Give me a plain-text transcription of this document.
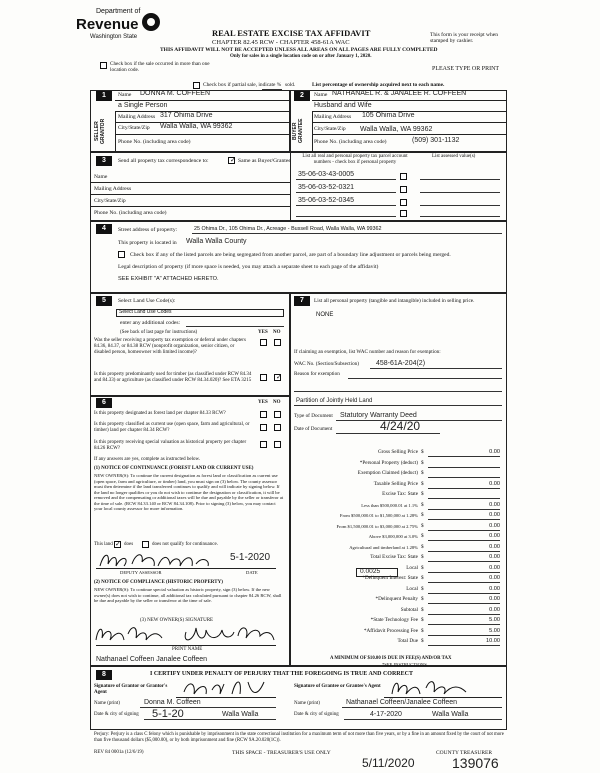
Department of
Revenue
Washington State	REAL ESTATE EXCISE TAX AFFIDAVIT
CHAPTER 82.45 RCW - CHAPTER 458-61A WAC
THIS AFFIDAVIT WILL NOT BE ACCEPTED UNLESS ALL AREAS ON ALL PAGES ARE FULLY COMPLETED
Only for sales in a single location code on or after January 1, 2020.
This form is your receipt when stamped by cashier.
PLEASE TYPE OR PRINT
Check box if the sale occurred in more than one location code.
Check box if partial sale, indicate % sold.	List percentage of ownership acquired next to each name.
1	Name DONNA M. COFFEEN
a Single Person
SELLER GRANTOR
Mailing Address 317 Ohima Drive
City/State/Zip Walla Walla, WA 99362
Phone No. (including area code)
2	Name NATHANAEL R. & JANALEE R. COFFEEN
Husband and Wife
BUYER GRANTEE
Mailing Address 105 Ohima Drive
City/State/Zip Walla Walla, WA 99362
Phone No. (including area code)	(509) 301-1132
3	Send all property tax correspondence to:	✓ Same as Buyer/Grantee
List all real and personal property tax parcel account numbers - check box if personal property
List assessed value(s)
Name
Mailing Address
City/State/Zip
Phone No. (including area code)
35-06-03-43-0005
35-06-03-52-0321
35-06-03-52-0345
4	Street address of property:	25 Ohima Dr., 105 Ohima Dr., Acreage - Bussell Road, Walla Walla, WA 99362
This property is located in Walla Walla County
Check box if any of the listed parcels are being segregated from another parcel, are part of a boundary line adjustment or parcels being merged.
Legal description of property (if more space is needed, you may attach a separate sheet to each page of the affidavit)
SEE EXHIBIT "A" ATTACHED HERETO.
5	Select Land Use Code(s):
Select Land Use Codes
enter any additional codes:
(See back of last page for instructions)	YES NO
Was the seller receiving a property tax exemption or deferral under chapters 84.36, 84.37, or 84.38 RCW (nonprofit organization, senior citizen, or disabled person, homeowner with limited income)?
Is this property predominantly used for timber (as classified under RCW 84.34 and 84.33) or agriculture (as classified under RCW 84.34.020)? See ETA 3215	✓
6	YES NO
Is this property designated as forest land per chapter 84.33 RCW?
Is this property classified as current use (open space, farm and agricultural, or timber) land per chapter 84.34 RCW?
Is this property receiving special valuation as historical property per chapter 84.26 RCW?
If any answers are yes, complete as instructed below.
(1) NOTICE OF CONTINUANCE (FOREST LAND OR CURRENT USE)
NEW OWNER(S): To continue the current designation as forest land or classification as current use (open space, farm and agriculture, or timber) land, you must sign on (3) below. The county assessor must then determine if the land transferred continues to qualify and will indicate by signing below. If the land no longer qualifies or you do not wish to continue the designation or classification, it will be removed and the compensating or additional taxes will be due and payable by the seller or transferor at the time of sale. (RCW 84.33.140 or RCW 84.34.108). Prior to signing (3) below, you may contact your local county assessor for more information.
This land ✓ does	does not qualify for continuance.
5-1-2020
DEPUTY ASSESSOR	DATE
(2) NOTICE OF COMPLIANCE (HISTORIC PROPERTY)
NEW OWNER(S): To continue special valuation as historic property, sign (3) below. If the new owner(s) does not wish to continue, all additional tax calculated pursuant to chapter 84.26 RCW, shall be due and payable by the seller or transferor at the time of sale.
(3) NEW OWNER(S) SIGNATURE
PRINT NAME
Nathanael Coffeen Janalee Coffeen
7	List all personal property (tangible and intangible) included in selling price.
NONE
If claiming an exemption, list WAC number and reason for exemption:
WAC No. (Section/Subsection) 458-61A-204(2)
Reason for exemption
Partition of Jointly Held Land
Type of Document Statutory Warranty Deed
Date of Document	4/24/20
Gross Selling Price $	0.00
*Personal Property (deduct) $
Exemption Claimed (deduct) $
Taxable Selling Price $	0.00
Excise Tax: State $
Less than $500,000.01 at 1.1% $	0.00
From $500,000.01 to $1,500,000 at 1.28% $	0.00
From $1,500,000.01 to $3,000,000 at 2.75% $	0.00
Above $3,000,000 at 3.0% $	0.00
Agricultural and timberland at 1.28% $	0.00
Total Excise Tax: State $	0.00
Local $	0.00
*Delinquent Interest: State $	0.00
Local $	0.00
*Delinquent Penalty $	0.00
Subtotal $	0.00
*State Technology Fee $	5.00
*Affidavit Processing Fee $	5.00
Total Due $	10.00
0.0025
A MINIMUM OF $10.00 IS DUE IN FEE(S) AND/OR TAX
*SEE INSTRUCTIONS
8	I CERTIFY UNDER PENALTY OF PERJURY THAT THE FOREGOING IS TRUE AND CORRECT
Signature of Grantor or Grantor's Agent
Name (print)	Donna M. Coffeen
Date & city of signing 5-1-20	Walla Walla
Signature of Grantee or Grantee's Agent
Name (print)	Nathanael Coffeen/Janalee Coffeen
Date & city of signing	4-17-2020	Walla Walla
Perjury: Perjury is a class C felony which is punishable by imprisonment in the state correctional institution for a maximum term of not more than five years, or by a fine in an amount fixed by the court of not more than five thousand dollars ($5,000.00), or by both imprisonment and fine (RCW 9A.20.020(1C)).
REV 84 0001a (12/6/19)	THIS SPACE - TREASURER'S USE ONLY	COUNTY TREASURER
5/11/2020	139076
